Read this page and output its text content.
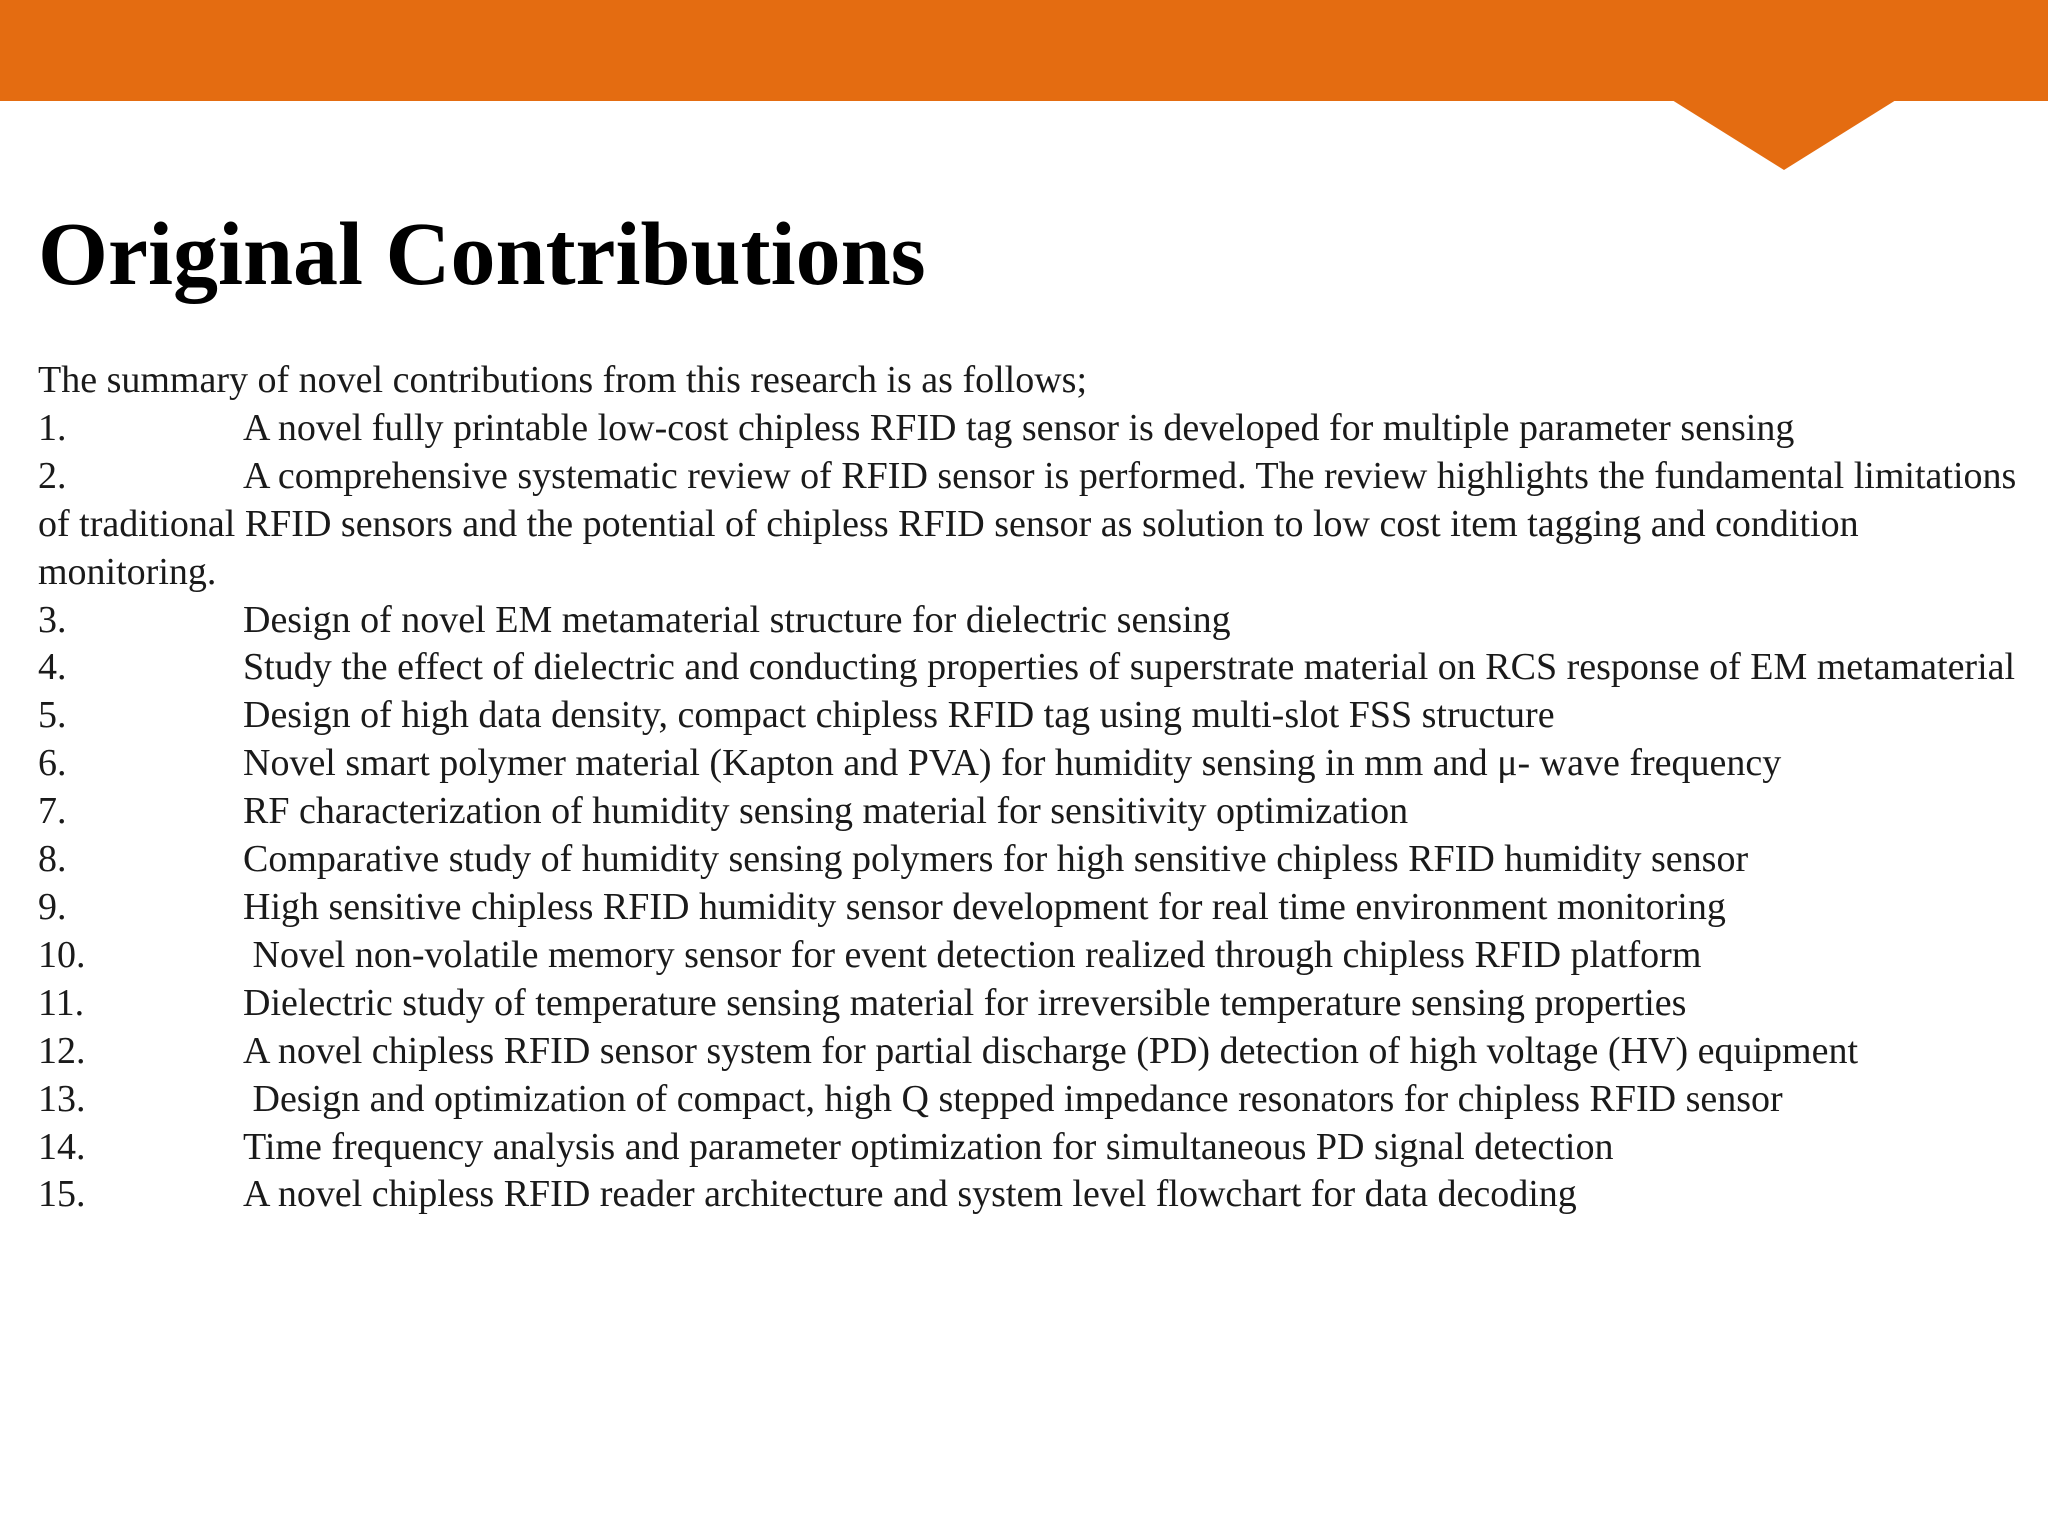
Original Contributions

The summary of novel contributions from this research is as follows;

1.	A novel fully printable low-cost chipless RFID tag sensor is developed for multiple parameter sensing
2.	A comprehensive systematic review of RFID sensor is performed. The review highlights the fundamental limitations of traditional RFID sensors and the potential of chipless RFID sensor as solution to low cost item tagging and condition monitoring.
3.	Design of novel EM metamaterial structure for dielectric sensing
4.	Study the effect of dielectric and conducting properties of superstrate material on RCS response of EM metamaterial
5.	Design of high data density, compact chipless RFID tag using multi-slot FSS structure
6.	Novel smart polymer material (Kapton and PVA) for humidity sensing in mm and μ- wave frequency
7.	RF characterization of humidity sensing material for sensitivity optimization
8.	Comparative study of humidity sensing polymers for high sensitive chipless RFID humidity sensor
9.	High sensitive chipless RFID humidity sensor development for real time environment monitoring
10.	Novel non-volatile memory sensor for event detection realized through chipless RFID platform
11.	Dielectric study of temperature sensing material for irreversible temperature sensing properties
12.	A novel chipless RFID sensor system for partial discharge (PD) detection of high voltage (HV) equipment
13.	Design and optimization of compact, high Q stepped impedance resonators for chipless RFID sensor
14.	Time frequency analysis and parameter optimization for simultaneous PD signal detection
15.	A novel chipless RFID reader architecture and system level flowchart for data decoding
